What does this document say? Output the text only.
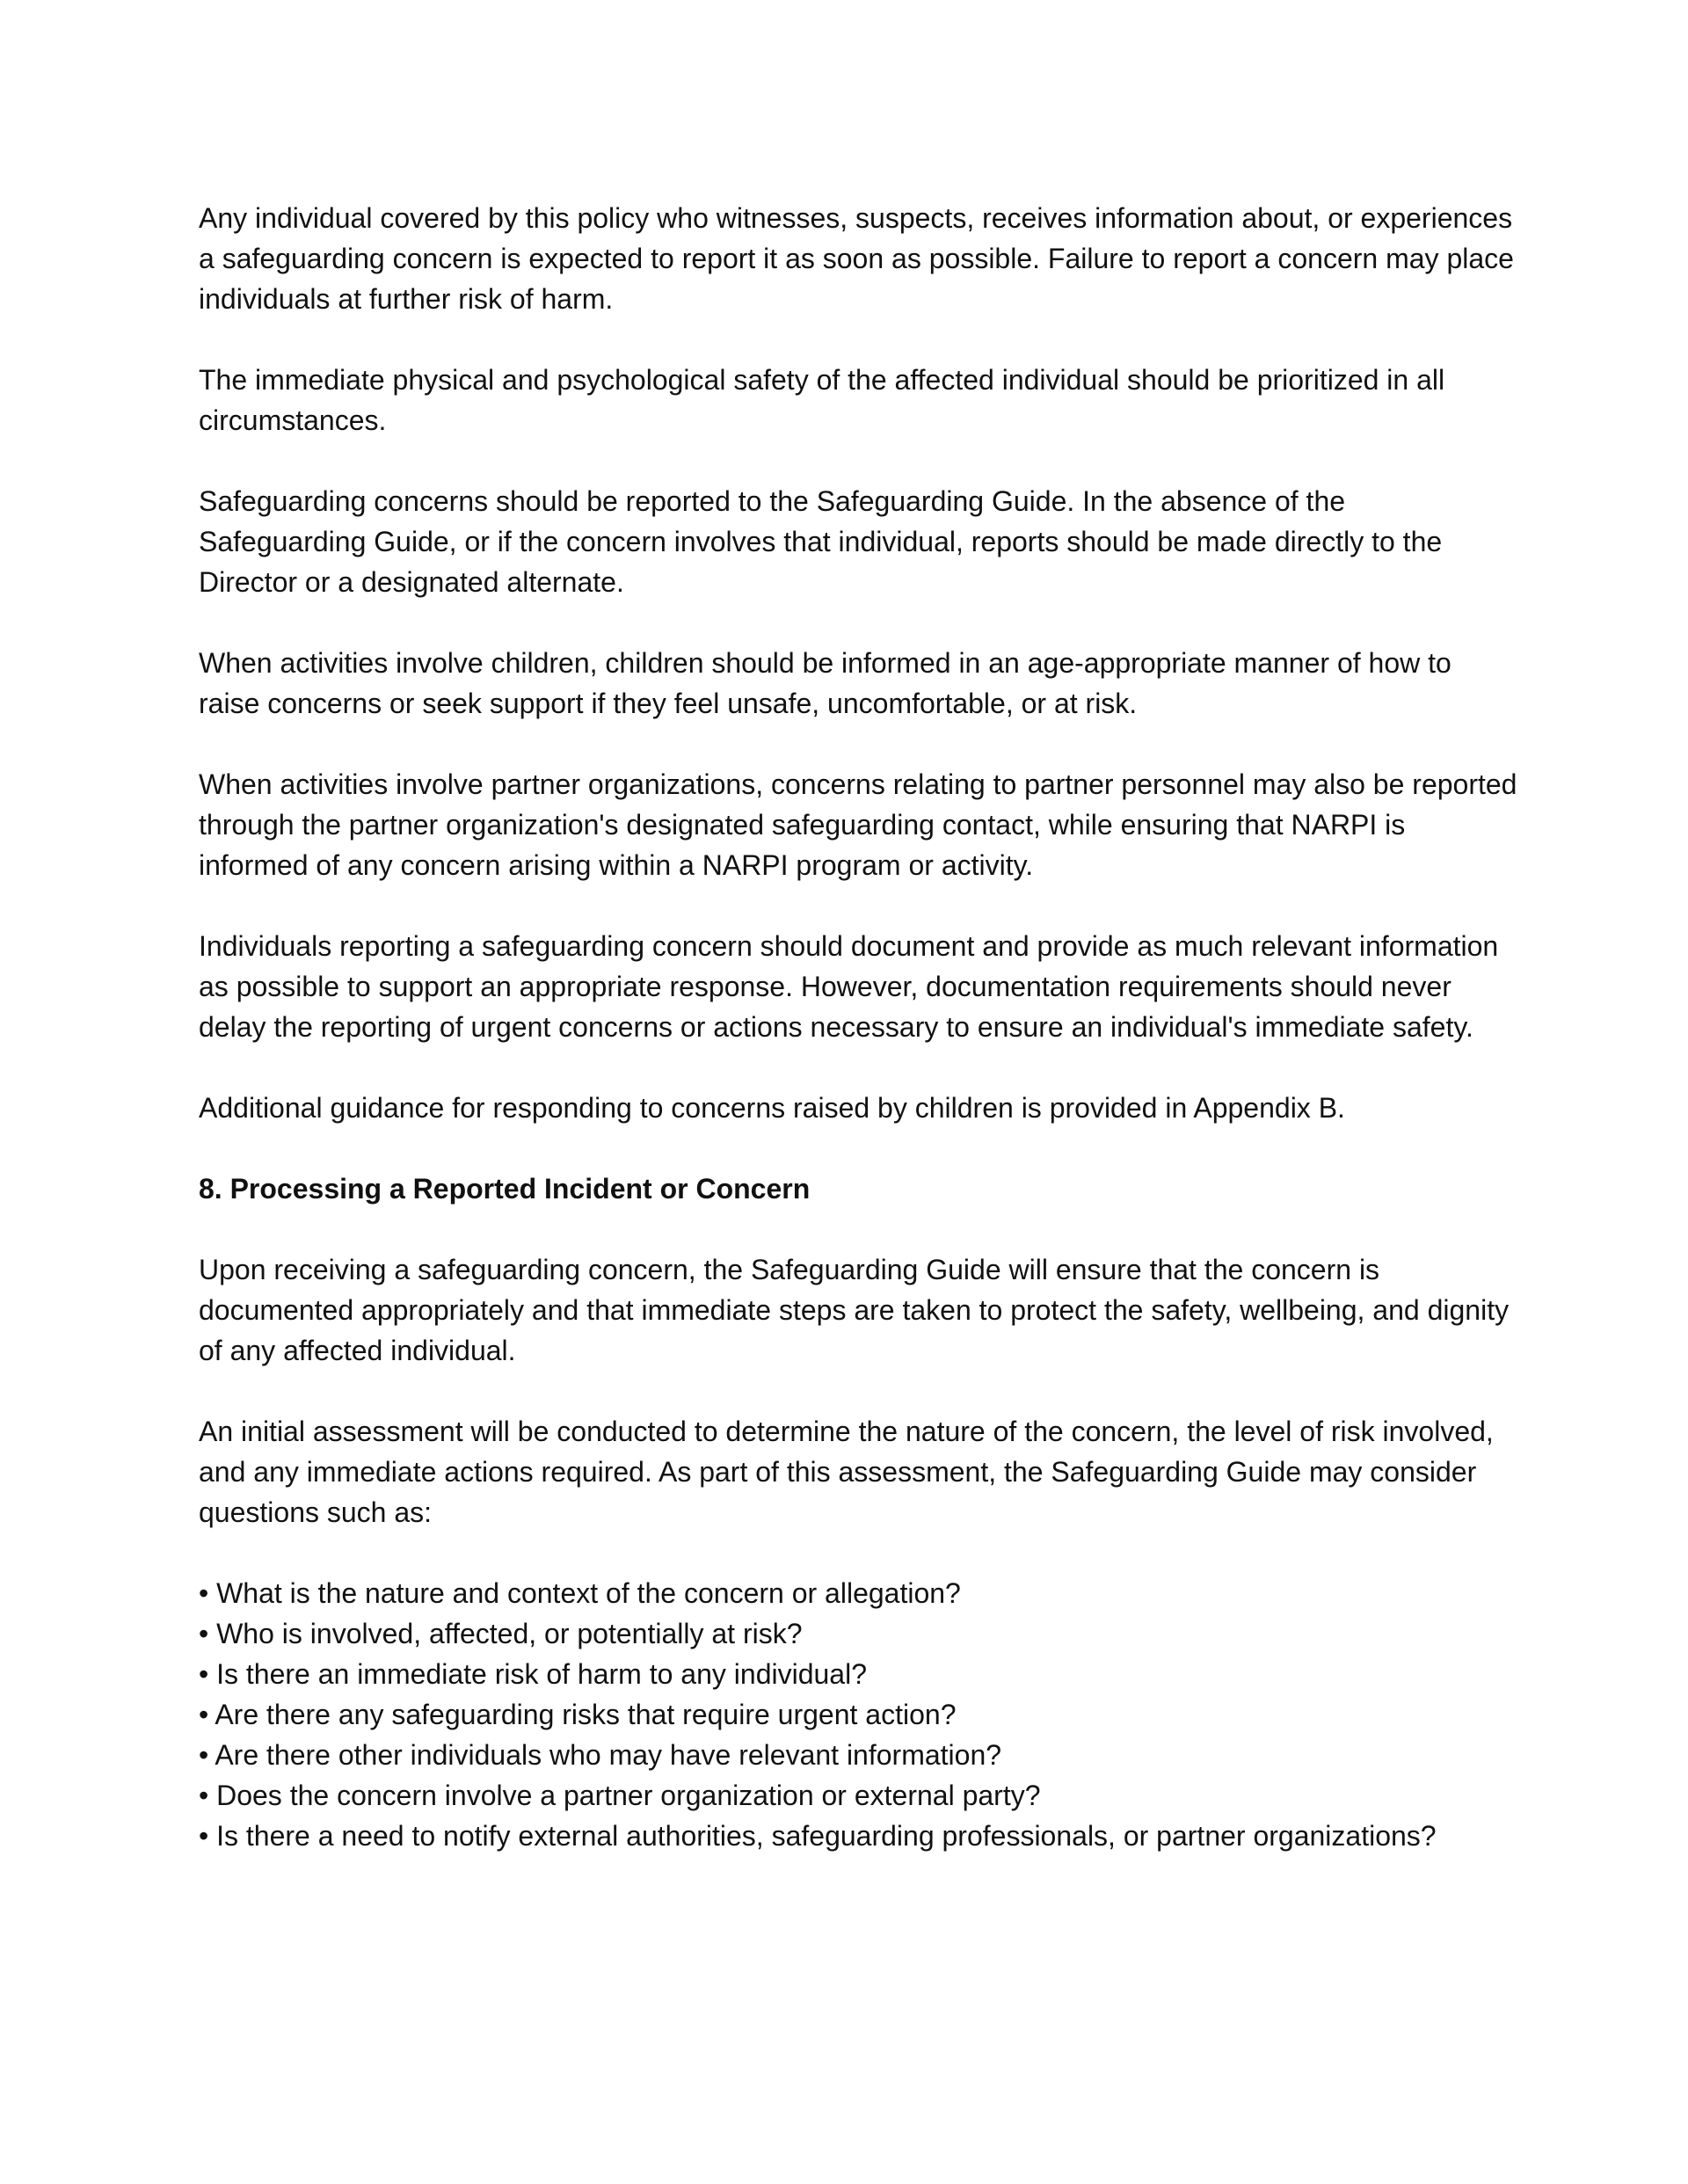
Any individual covered by this policy who witnesses, suspects, receives information about, or experiences a safeguarding concern is expected to report it as soon as possible. Failure to report a concern may place individuals at further risk of harm.

The immediate physical and psychological safety of the affected individual should be prioritized in all circumstances.

Safeguarding concerns should be reported to the Safeguarding Guide. In the absence of the Safeguarding Guide, or if the concern involves that individual, reports should be made directly to the Director or a designated alternate.

When activities involve children, children should be informed in an age-appropriate manner of how to raise concerns or seek support if they feel unsafe, uncomfortable, or at risk.

When activities involve partner organizations, concerns relating to partner personnel may also be reported through the partner organization's designated safeguarding contact, while ensuring that NARPI is informed of any concern arising within a NARPI program or activity.

Individuals reporting a safeguarding concern should document and provide as much relevant information as possible to support an appropriate response. However, documentation requirements should never delay the reporting of urgent concerns or actions necessary to ensure an individual's immediate safety.

Additional guidance for responding to concerns raised by children is provided in Appendix B.

8. Processing a Reported Incident or Concern

Upon receiving a safeguarding concern, the Safeguarding Guide will ensure that the concern is documented appropriately and that immediate steps are taken to protect the safety, wellbeing, and dignity of any affected individual.

An initial assessment will be conducted to determine the nature of the concern, the level of risk involved, and any immediate actions required. As part of this assessment, the Safeguarding Guide may consider questions such as:

• What is the nature and context of the concern or allegation?
• Who is involved, affected, or potentially at risk?
• Is there an immediate risk of harm to any individual?
• Are there any safeguarding risks that require urgent action?
• Are there other individuals who may have relevant information?
• Does the concern involve a partner organization or external party?
• Is there a need to notify external authorities, safeguarding professionals, or partner organizations?
